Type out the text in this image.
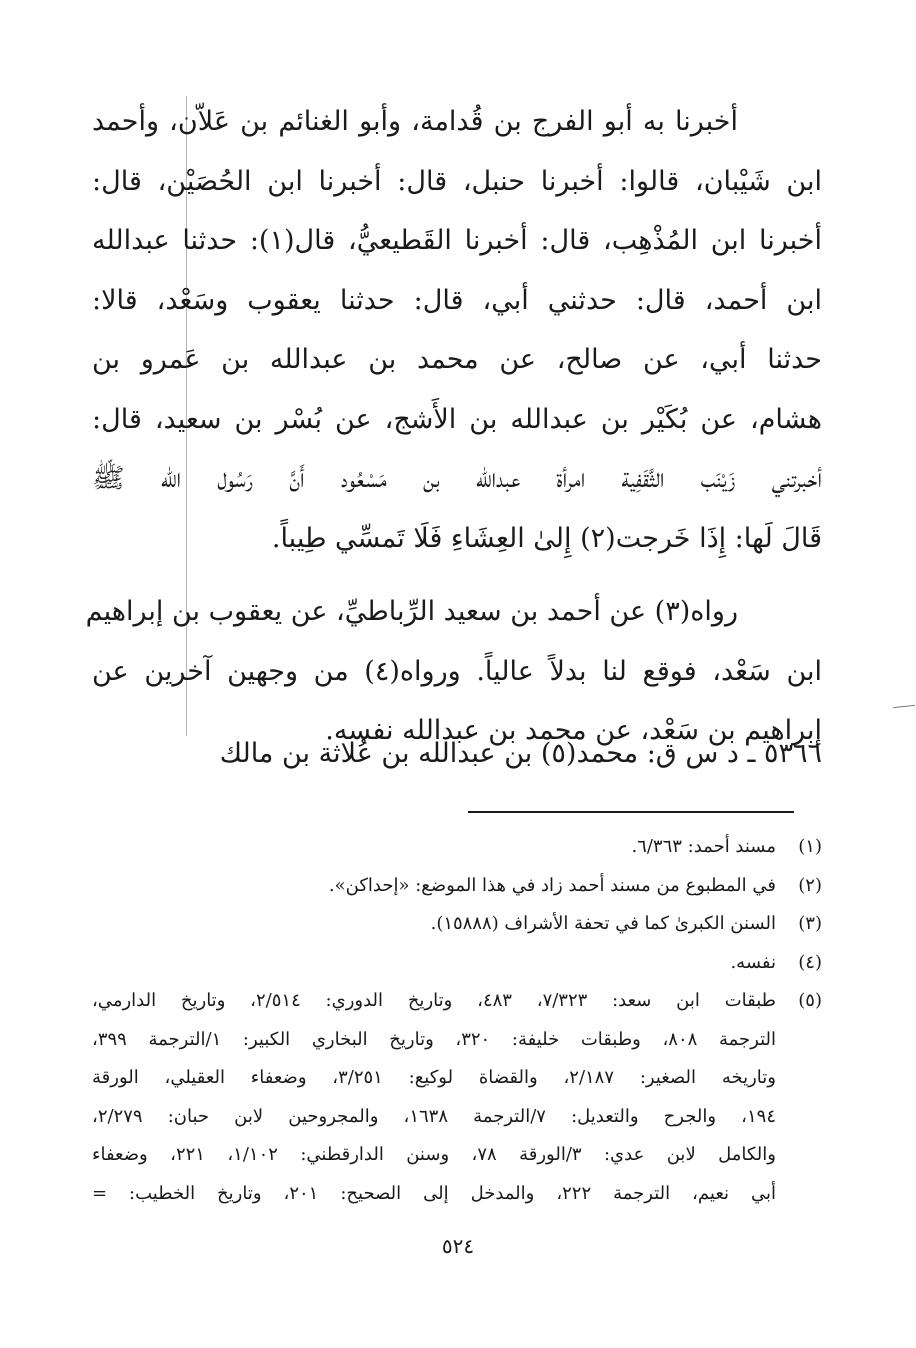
أخبرنا به أبو الفرج بن قُدامة، وأبو الغنائم بن عَلاّن، وأحمد
ابن شَيْبان، قالوا: أخبرنا حنبل، قال: أخبرنا ابن الحُصَيْن، قال:
أخبرنا ابن المُذْهِب، قال: أخبرنا القَطيعيُّ، قال(١): حدثنا عبدالله
ابن أحمد، قال: حدثني أبي، قال: حدثنا يعقوب وسَعْد، قالا:
حدثنا أبي، عن صالح، عن محمد بن عبدالله بن عَمرو بن
هشام، عن بُكَيْر بن عبدالله بن الأَشج، عن بُسْر بن سعيد، قال:
أخبرتني زَيْنَب الثَّقَفِية امرأة عبدالله بن مَسْعُود أَنَّ رَسُول الله ﷺ
قَالَ لَها: إِذَا خَرجت(٢) إِلىٰ العِشَاءِ فَلَا تَمسِّي طِيباً.
رواه(٣) عن أحمد بن سعيد الرِّباطيِّ، عن يعقوب بن إبراهيم
ابن سَعْد، فوقع لنا بدلاً عالياً. ورواه(٤) من وجهين آخرين عن
إبراهيم بن سَعْد، عن محمد بن عبدالله نفسه.
٥٣٦٦ ـ د س ق: محمد(٥) بن عبدالله بن عُلاثة بن مالك
(١)
مسند أحمد: ٦/٣٦٣.
(٢)
في المطبوع من مسند أحمد زاد في هذا الموضع: «إحداكن».
(٣)
السنن الكبرىٰ كما في تحفة الأشراف (١٥٨٨٨).
(٤)
نفسه.
(٥)
طبقات ابن سعد: ٧/٣٢٣، ٤٨٣، وتاريخ الدوري: ٢/٥١٤، وتاريخ الدارمي،
الترجمة ٨٠٨، وطبقات خليفة: ٣٢٠، وتاريخ البخاري الكبير: ١/الترجمة ٣٩٩،
وتاريخه الصغير: ٢/١٨٧، والقضاة لوكيع: ٣/٢٥١، وضعفاء العقيلي، الورقة
١٩٤، والجرح والتعديل: ٧/الترجمة ١٦٣٨، والمجروحين لابن حبان: ٢/٢٧٩،
والكامل لابن عدي: ٣/الورقة ٧٨، وسنن الدارقطني: ١/١٠٢، ٢٢١، وضعفاء
أبي نعيم، الترجمة ٢٢٢، والمدخل إلى الصحيح: ٢٠١، وتاريخ الخطيب: =
٥٢٤
